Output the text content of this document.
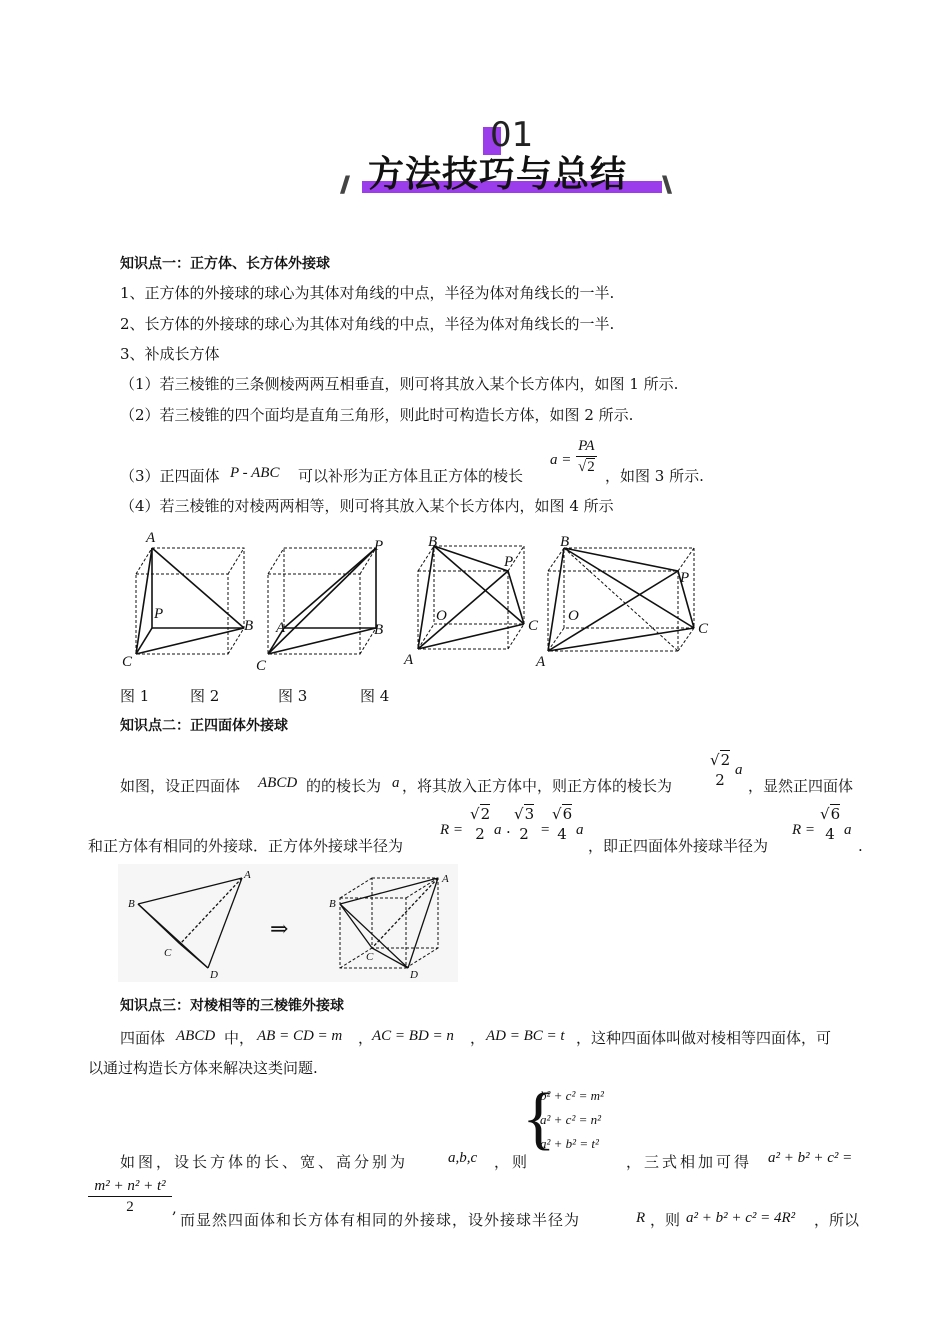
01
//	\\
方法技巧与总结
知识点一：正方体、长方体外接球
1、正方体的外接球的球心为其体对角线的中点，半径为体对角线长的一半.
2、长方体的外接球的球心为其体对角线的中点，半径为体对角线长的一半.
3、补成长方体
（1）若三棱锥的三条侧棱两两互相垂直，则可将其放入某个长方体内，如图 1 所示.
（2）若三棱锥的四个面均是直角三角形，则此时可构造长方体，如图 2 所示.
（3）正四面体 P - ABC 可以补形为正方体且正方体的棱长
$a = \frac{PA}{√2}$ ，如图 3 所示.
（4）若三棱锥的对棱两两相等，则可将其放入某个长方体内，如图 4 所示
A
B
C
P
P
B
A
C
B
P
O
C
A
B
P
O
C
A
图 1	图 2	图 3	图 4
知识点二：正四面体外接球
如图，设正四面体 ABCD 的的棱长为 a ，将其放入正方体中，则正方体的棱长为
√2
2
a
，显然正四面体
和正方体有相同的外接球．正方体外接球半径为
R =
√2
2 a ·
√3
2 =
√6
4 a
，即正四面体外接球半径为
R =
√6
4 a
.
B
A
C
D
B
A
C
D
⇒
知识点三：对棱相等的三棱锥外接球
四面体 ABCD 中， AB = CD = m ，
AC = BD = n ， AD = BC = t ，这种四面体叫做对棱相等四面体，可
以通过构造长方体来解决这类问题.
如图，设长方体的长、宽、高分别为	a,b,c ，则
{
b² + c² = m²
a² + c² = n²
a² + b² = t²
，三式相加可得 a² + b² + c² =
$\frac{\text{m² + n² + t²}}{2}$ ,
而显然四面体和长方体有相同的外接球，设外接球半径为	R ，则 a² + b² + c² = 4R² ，所以
